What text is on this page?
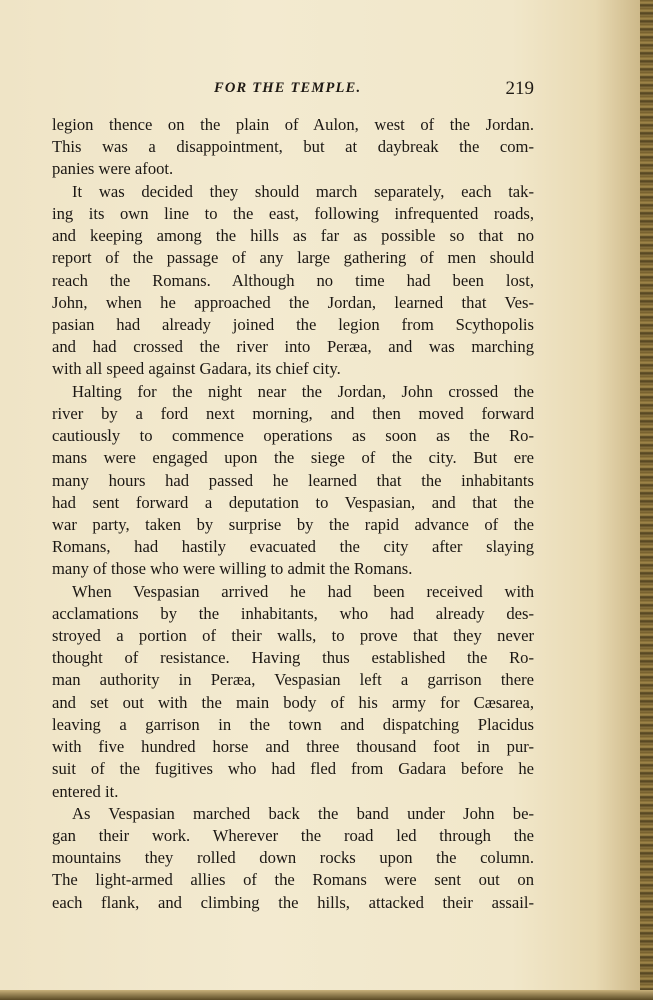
FOR THE TEMPLE.	219
legion thence on the plain of Aulon, west of the Jordan.
This was a disappointment, but at daybreak the com-
panies were afoot.
It was decided they should march separately, each tak-
ing its own line to the east, following infrequented roads,
and keeping among the hills as far as possible so that no
report of the passage of any large gathering of men should
reach the Romans. Although no time had been lost,
John, when he approached the Jordan, learned that Ves-
pasian had already joined the legion from Scythopolis
and had crossed the river into Peræa, and was marching
with all speed against Gadara, its chief city.
Halting for the night near the Jordan, John crossed the
river by a ford next morning, and then moved forward
cautiously to commence operations as soon as the Ro-
mans were engaged upon the siege of the city. But ere
many hours had passed he learned that the inhabitants
had sent forward a deputation to Vespasian, and that the
war party, taken by surprise by the rapid advance of the
Romans, had hastily evacuated the city after slaying
many of those who were willing to admit the Romans.
When Vespasian arrived he had been received with
acclamations by the inhabitants, who had already des-
stroyed a portion of their walls, to prove that they never
thought of resistance. Having thus established the Ro-
man authority in Peræa, Vespasian left a garrison there
and set out with the main body of his army for Cæsarea,
leaving a garrison in the town and dispatching Placidus
with five hundred horse and three thousand foot in pur-
suit of the fugitives who had fled from Gadara before he
entered it.
As Vespasian marched back the band under John be-
gan their work. Wherever the road led through the
mountains they rolled down rocks upon the column.
The light-armed allies of the Romans were sent out on
each flank, and climbing the hills, attacked their assail-
